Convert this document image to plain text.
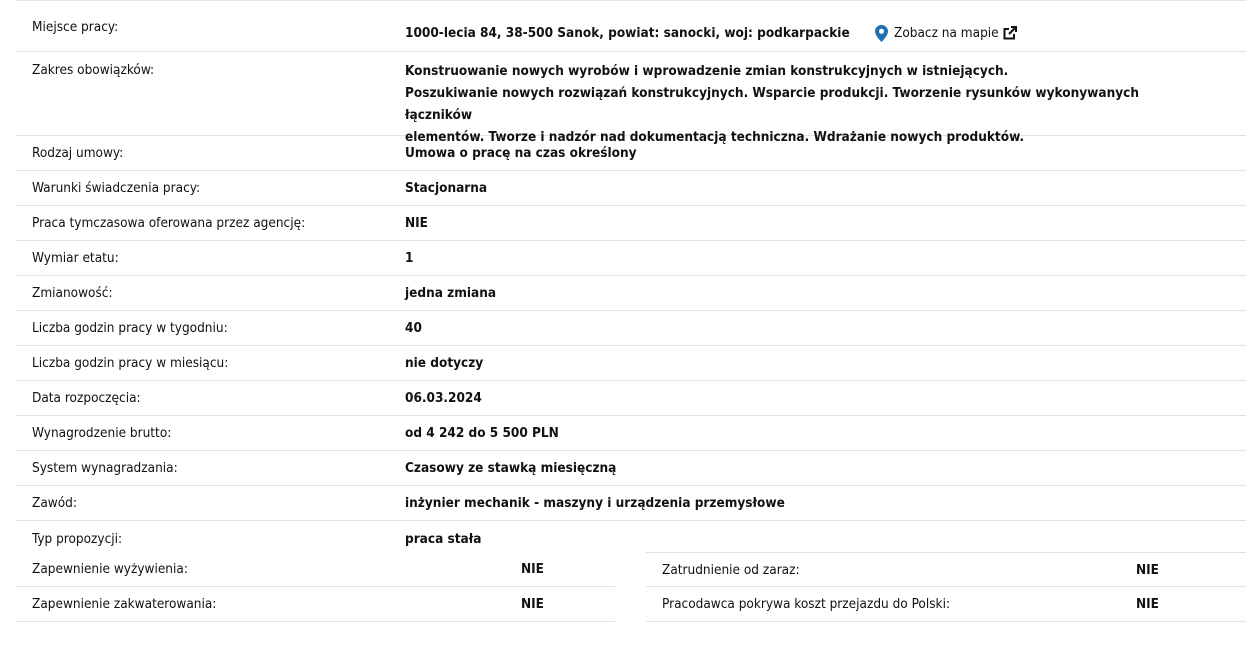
Miejsce pracy:	1000-lecia 84, 38-500 Sanok, powiat: sanocki, woj: podkarpackie	Zobacz na mapie
Zakres obowiązków:	Konstruowanie nowych wyrobów i wprowadzenie zmian konstrukcyjnych w istniejących.
Poszukiwanie nowych rozwiązań konstrukcyjnych. Wsparcie produkcji. Tworzenie rysunków wykonywanych łączników
elementów. Tworze i nadzór nad dokumentacją techniczna. Wdrażanie nowych produktów.
Rodzaj umowy:	Umowa o pracę na czas określony
Warunki świadczenia pracy:	Stacjonarna
Praca tymczasowa oferowana przez agencję:	NIE
Wymiar etatu:	1
Zmianowość:	jedna zmiana
Liczba godzin pracy w tygodniu:	40
Liczba godzin pracy w miesiącu:	nie dotyczy
Data rozpoczęcia:	06.03.2024
Wynagrodzenie brutto:	od 4 242 do 5 500 PLN
System wynagradzania:	Czasowy ze stawką miesięczną
Zawód:	inżynier mechanik - maszyny i urządzenia przemysłowe
Typ propozycji:	praca stała
Zapewnienie wyżywienia:	NIE
Zapewnienie zakwaterowania:	NIE
Zatrudnienie od zaraz:	NIE
Pracodawca pokrywa koszt przejazdu do Polski:	NIE
